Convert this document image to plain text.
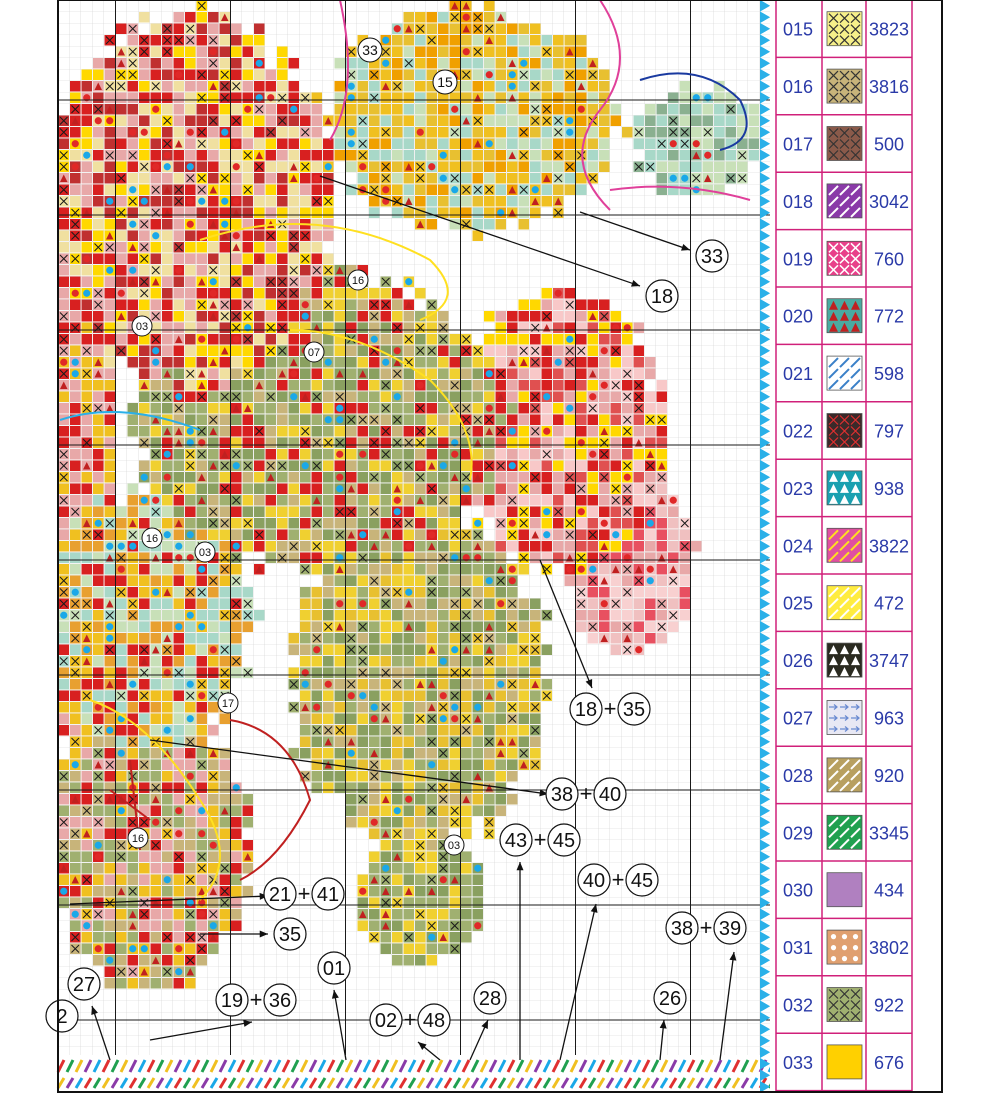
33
15
16
03
07
16
03
17
16
03
33
18
18 + 35
38 + 40
43 + 45
40 + 45
38 + 39
21 + 41
35
01
27
19 + 36
02 + 48
28	26
2
015	3823
016	3816
017	500
018	3042
019	760
020	772
021	598
022	797
023	938
024	3822
025	472
026	3747
027	963
028	920
029	3345
030	434
031	3802
032	922
033	676
